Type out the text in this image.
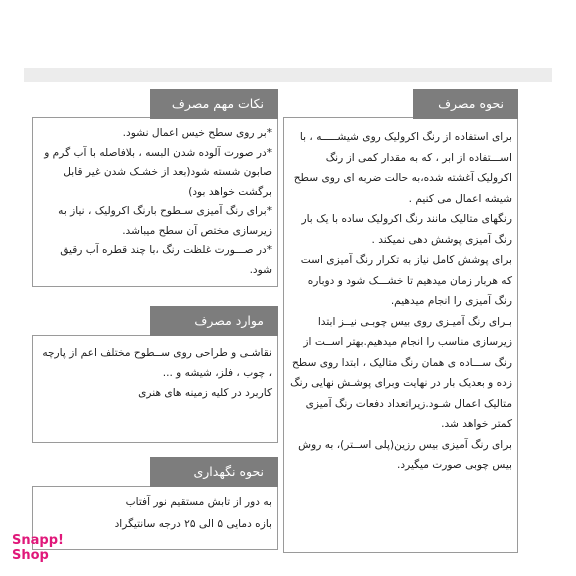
نحوه مصرف

برای استفاده از رنگ اکرولیک روی شیشـــــه ، با اســـتفاده از ابر ، که به مقدار کمی از رنگ اکرولیک آغشته شده،به حالت ضربه ای روی سطح شیشه اعمال می کنیم .

رنگهای متالیک مانند رنگ اکرولیک ساده با یک بار رنگ آمیزی پوشش دهی نمیکند .

برای پوشش کامل نیاز به تکرار رنگ آمیزی است که هربار زمان میدهیم تا خشـــک شود و دوباره رنگ آمیزی را انجام میدهیم.

بـرای رنگ آمیـزی روی بیس چوبـی نیــز ابتدا زیرسازی مناسب را انجام میدهیم.بهتر اســت از رنگ ســـاده ی همان رنگ متالیک ، ابتدا روی سطح زده و بعدیک بار در نهایت وبرای پوشـش نهایی رنگ متالیک اعمال شـود.زیراتعداد دفعات رنگ آمیزی کمتر خواهد شد.

برای رنگ آمیزی بیس رزین(پلی اســتر)، به روش بیس چوبی صورت میگیرد.

نکات مهم مصرف

*بر روی سطح خیس اعمال نشود.

*در صورت آلوده شدن البسه ، بلافاصله با آب گرم و صابون شسته شود(بعد از خشـک شدن غیر قابل برگشت خواهد بود)

*برای رنگ آمیزی سـطوح بارنگ اکرولیک ، نیاز به زیرسازی مختص آن سطح میباشد.

*در صـــورت غلظت رنگ ،با چند قطره آب رقیق شود.

موارد مصرف

نقاشـی و طراحی روی ســطوح مختلف اعم از پارچه ، چوب ، فلز، شیشه و ...

کاربرد در کلیه زمینه های هنری

نحوه نگهداری

به دور از تابش مستقیم نور آفتاب

بازه دمایی ۵ الی ۲۵ درجه سانتیگراد

Snapp!
Shop
